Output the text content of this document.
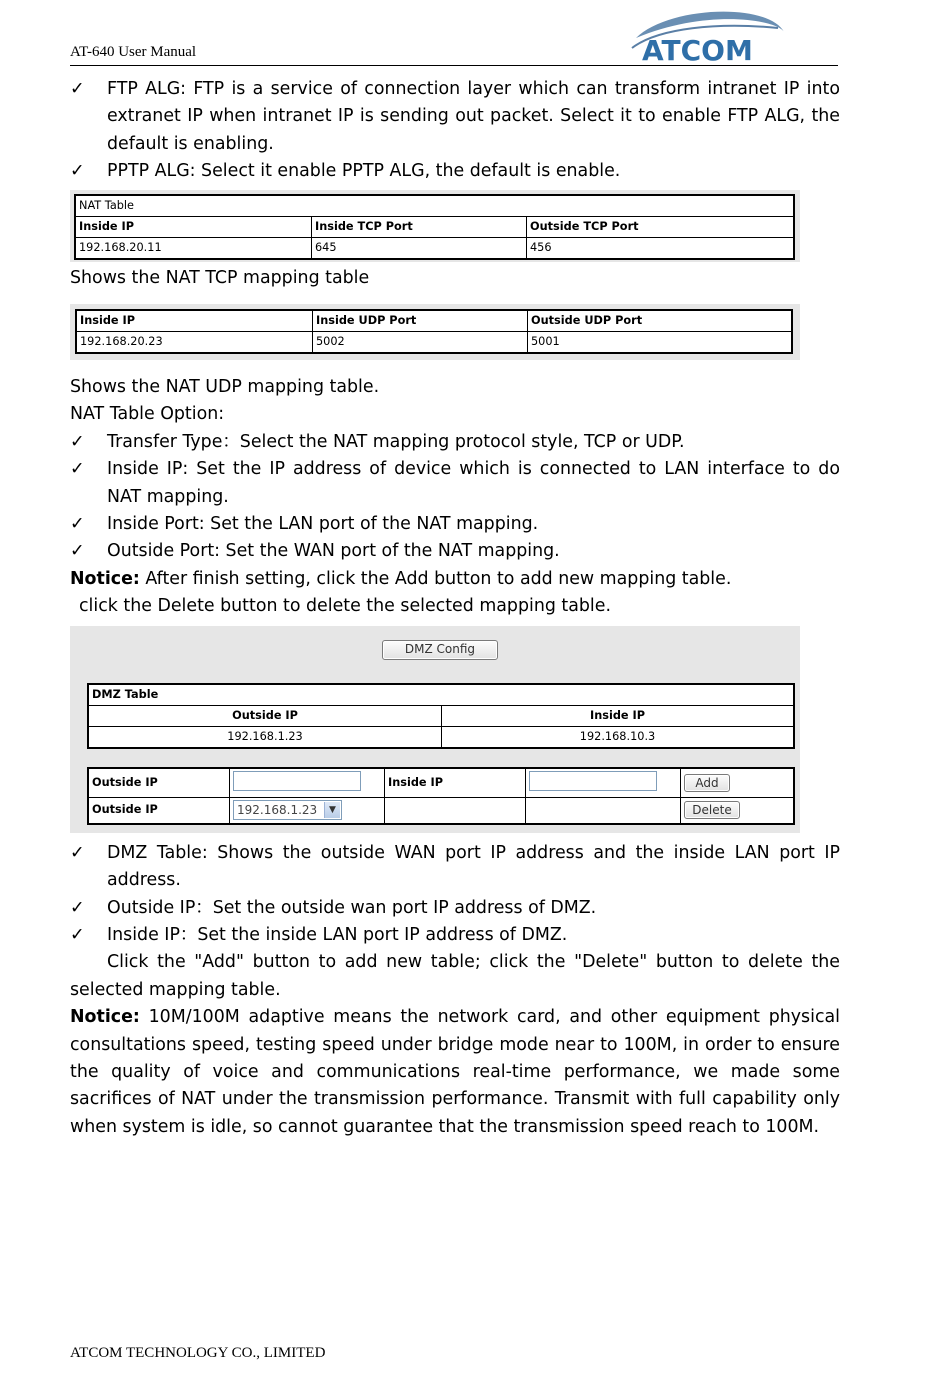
AT-640 User Manual	ATCOM
✓	FTP ALG: FTP is a service of connection layer which can transform intranet IP into extranet IP when intranet IP is sending out packet. Select it to enable FTP ALG, the default is enabling.
✓	PPTP ALG: Select it enable PPTP ALG, the default is enable.
NAT Table		
Inside IP	Inside TCP Port	Outside TCP Port
192.168.20.11	645	456
Shows the NAT TCP mapping table
Inside IP	Inside UDP Port	Outside UDP Port
192.168.20.23	5002	5001
Shows the NAT UDP mapping table.
NAT Table Option:
✓	Transfer Type：Select the NAT mapping protocol style, TCP or UDP.
✓	Inside IP: Set the IP address of device which is connected to LAN interface to do NAT mapping.
✓	Inside Port: Set the LAN port of the NAT mapping.
✓	Outside Port: Set the WAN port of the NAT mapping.
Notice: After finish setting, click the Add button to add new mapping table.
click the Delete button to delete the selected mapping table.
DMZ Config
DMZ Table	
Outside IP	Inside IP
192.168.1.23	192.168.10.3
Outside IP		Inside IP		Add
Outside IP	192.168.1.23 ▼			Delete
✓	DMZ Table: Shows the outside WAN port IP address and the inside LAN port IP address.
✓	Outside IP：Set the outside wan port IP address of DMZ.
✓	Inside IP：Set the inside LAN port IP address of DMZ.
Click the "Add" button to add new table; click the "Delete" button to delete the selected mapping table.
Notice: 10M/100M adaptive means the network card, and other equipment physical consultations speed, testing speed under bridge mode near to 100M, in order to ensure the quality of voice and communications real-time performance, we made some sacrifices of NAT under the transmission performance. Transmit with full capability only when system is idle, so cannot guarantee that the transmission speed reach to 100M.
ATCOM TECHNOLOGY CO., LIMITED
